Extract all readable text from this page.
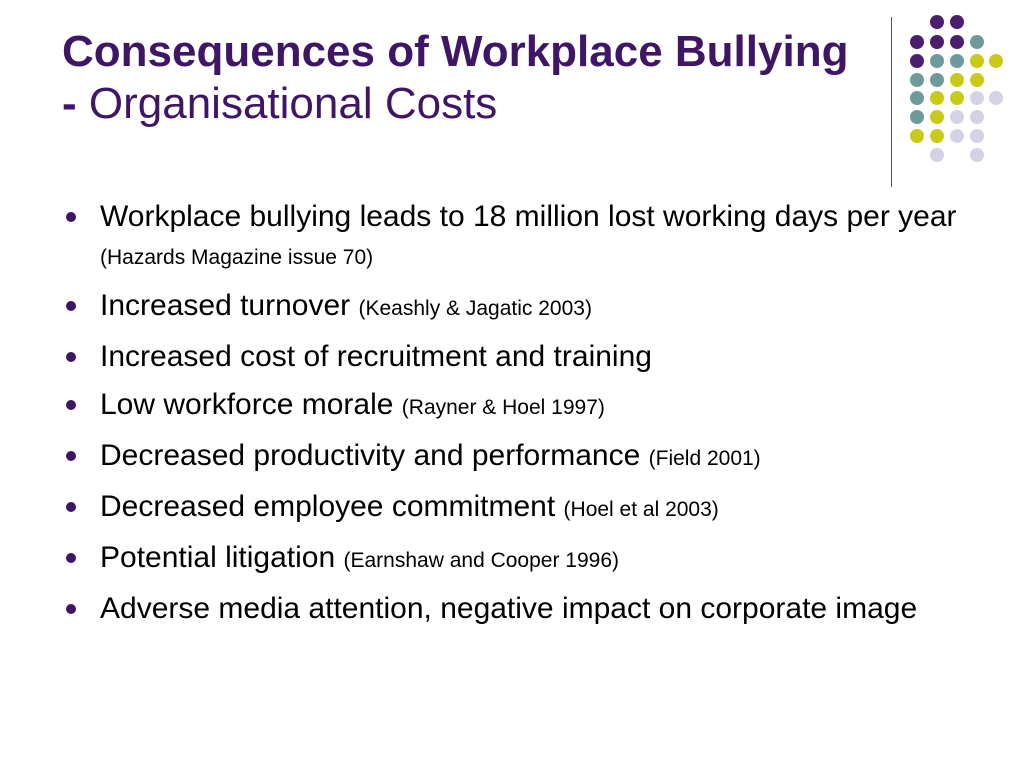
Consequences of Workplace Bullying - Organisational Costs
Workplace bullying leads to 18 million lost working days per year (Hazards Magazine issue 70)
Increased turnover (Keashly & Jagatic 2003)
Increased cost of recruitment and training
Low workforce morale (Rayner & Hoel 1997)
Decreased productivity and performance (Field 2001)
Decreased employee commitment (Hoel et al 2003)
Potential litigation (Earnshaw and Cooper 1996)
Adverse media attention, negative impact on corporate image
